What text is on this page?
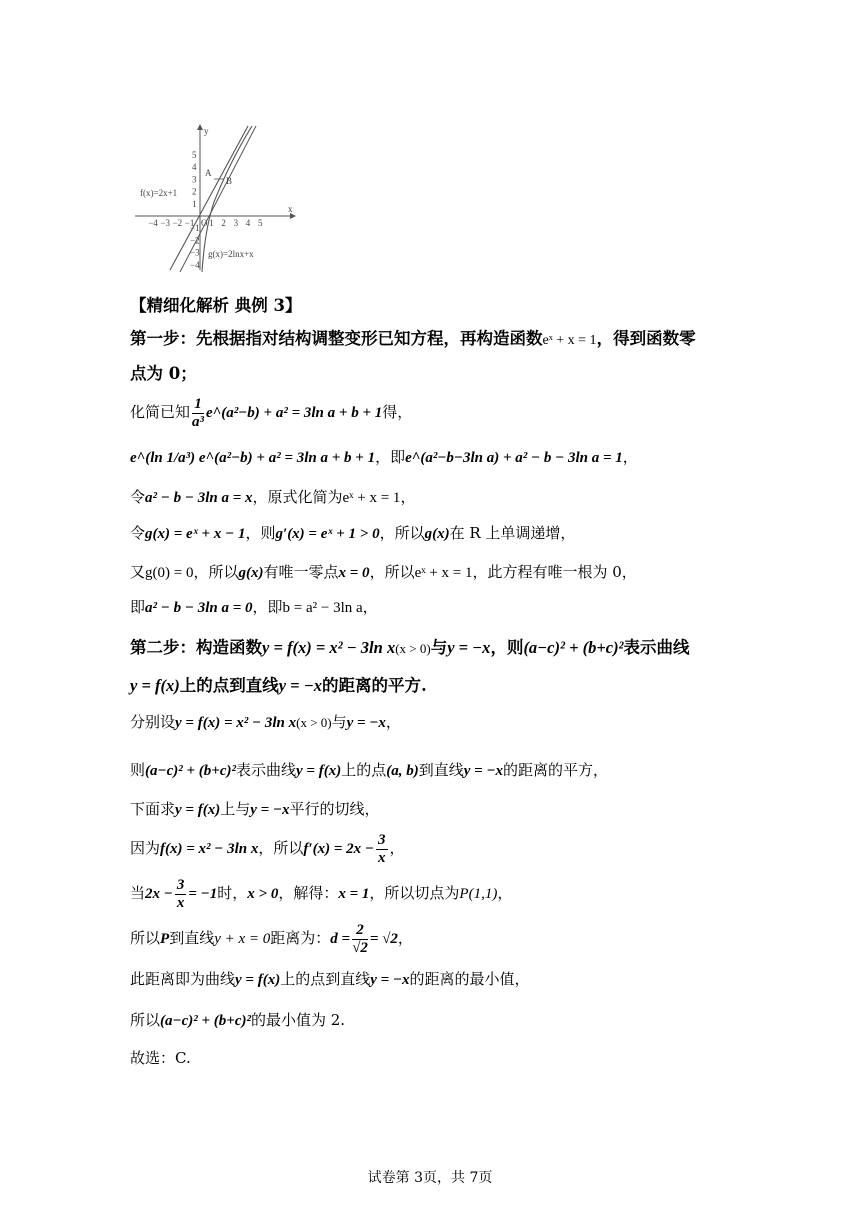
A
B
x
y
f(x)=2x+1
g(x)=2lnx+x
−4 −3 −2 −1 O 1 2 3 4 5
5
4
3
2
1
−1
−2
−3
−4
【精细化解析 典例 3】
第一步：先根据指对结构调整变形已知方程，再构造函数eˣ + x = 1，得到函数零
点为 0；
化简已知 $\frac{1}{\text{a³}}$ e^(a²−b) + a² = 3ln a + b + 1得，
e^(ln 1/a³) e^(a²−b) + a² = 3ln a + b + 1，即e^(a²−b−3ln a) + a² − b − 3ln a = 1，
令a² − b − 3ln a = x，原式化简为eˣ + x = 1，
令g(x) = eˣ + x − 1，则g′(x) = eˣ + 1 > 0，所以g(x)在 R 上单调递增，
又g(0) = 0，所以g(x)有唯一零点x = 0，所以eˣ + x = 1，此方程有唯一根为 0，
即a² − b − 3ln a = 0，即b = a² − 3ln a，
第二步：构造函数y = f(x) = x² − 3ln x(x > 0)与y = −x，则(a−c)² + (b+c)²表示曲线
y = f(x)上的点到直线y = −x的距离的平方.
分别设y = f(x) = x² − 3ln x(x > 0)与y = −x，
则(a−c)² + (b+c)²表示曲线y = f(x)上的点(a, b)到直线y = −x的距离的平方，
下面求y = f(x)上与y = −x平行的切线，
因为f(x) = x² − 3ln x，所以$f'(x) = 2x - \frac{3}{x}$ ，
当$2x - \frac{3}{x} = -1$时，x > 0，解得：x = 1，所以切点为P(1,1)，
所以P到直线y + x = 0距离为：$d = \frac{2}{√2} = √2$，
此距离即为曲线y = f(x)上的点到直线y = −x的距离的最小值，
所以(a−c)² + (b+c)²的最小值为 2.
故选：C.
试卷第 3页，共 7页
